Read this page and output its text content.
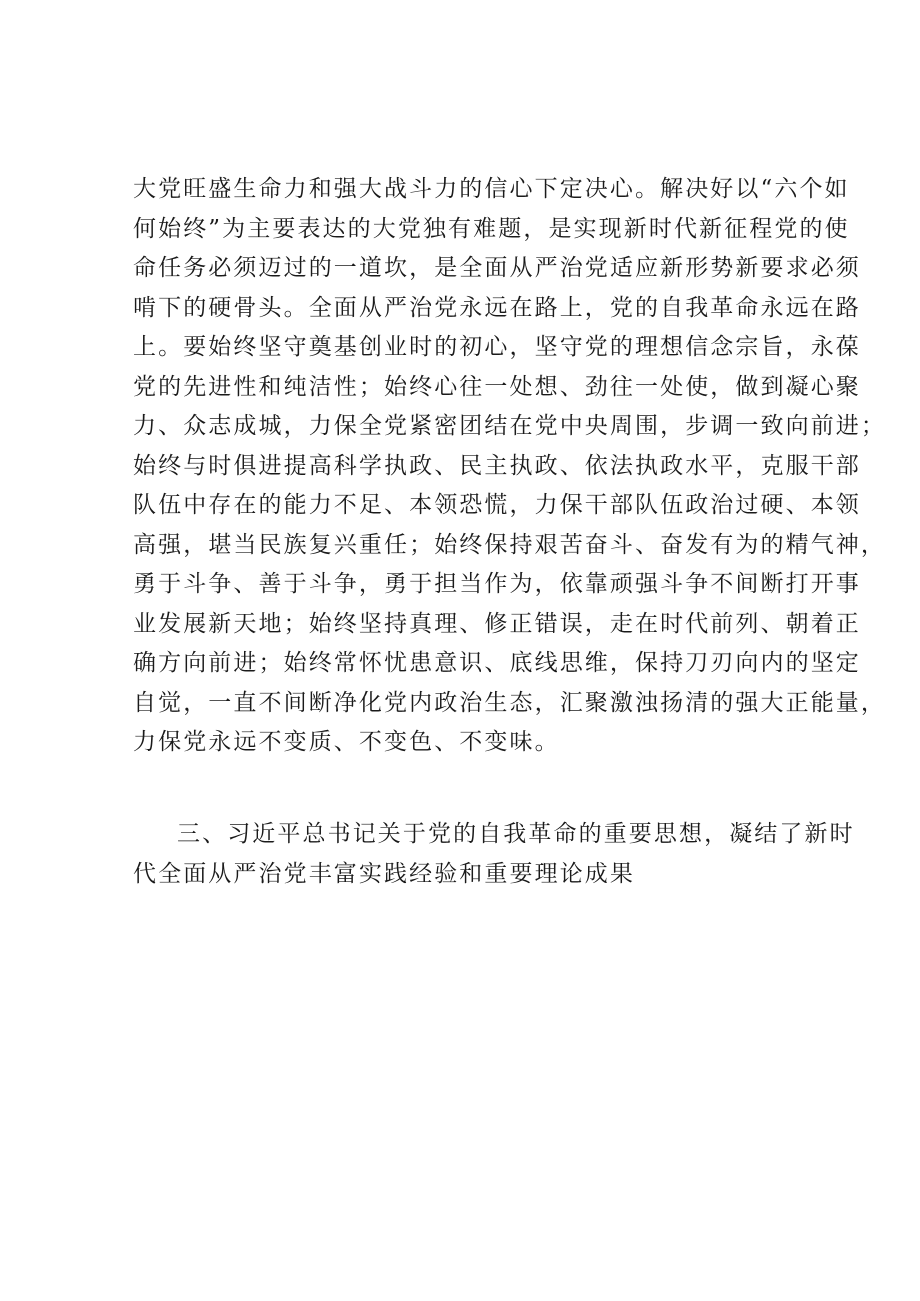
大党旺盛生命力和强大战斗力的信心下定决心。解决好以“六个如
何始终”为主要表达的大党独有难题，是实现新时代新征程党的使
命任务必须迈过的一道坎，是全面从严治党适应新形势新要求必须
啃下的硬骨头。全面从严治党永远在路上，党的自我革命永远在路
上。要始终坚守奠基创业时的初心，坚守党的理想信念宗旨，永葆
党的先进性和纯洁性；始终心往一处想、劲往一处使，做到凝心聚
力、众志成城，力保全党紧密团结在党中央周围，步调一致向前进；
始终与时俱进提高科学执政、民主执政、依法执政水平，克服干部
队伍中存在的能力不足、本领恐慌，力保干部队伍政治过硬、本领
高强，堪当民族复兴重任；始终保持艰苦奋斗、奋发有为的精气神，
勇于斗争、善于斗争，勇于担当作为，依靠顽强斗争不间断打开事
业发展新天地；始终坚持真理、修正错误，走在时代前列、朝着正
确方向前进；始终常怀忧患意识、底线思维，保持刀刃向内的坚定
自觉，一直不间断净化党内政治生态，汇聚激浊扬清的强大正能量，
力保党永远不变质、不变色、不变味。
三、习近平总书记关于党的自我革命的重要思想，凝结了新时
代全面从严治党丰富实践经验和重要理论成果
